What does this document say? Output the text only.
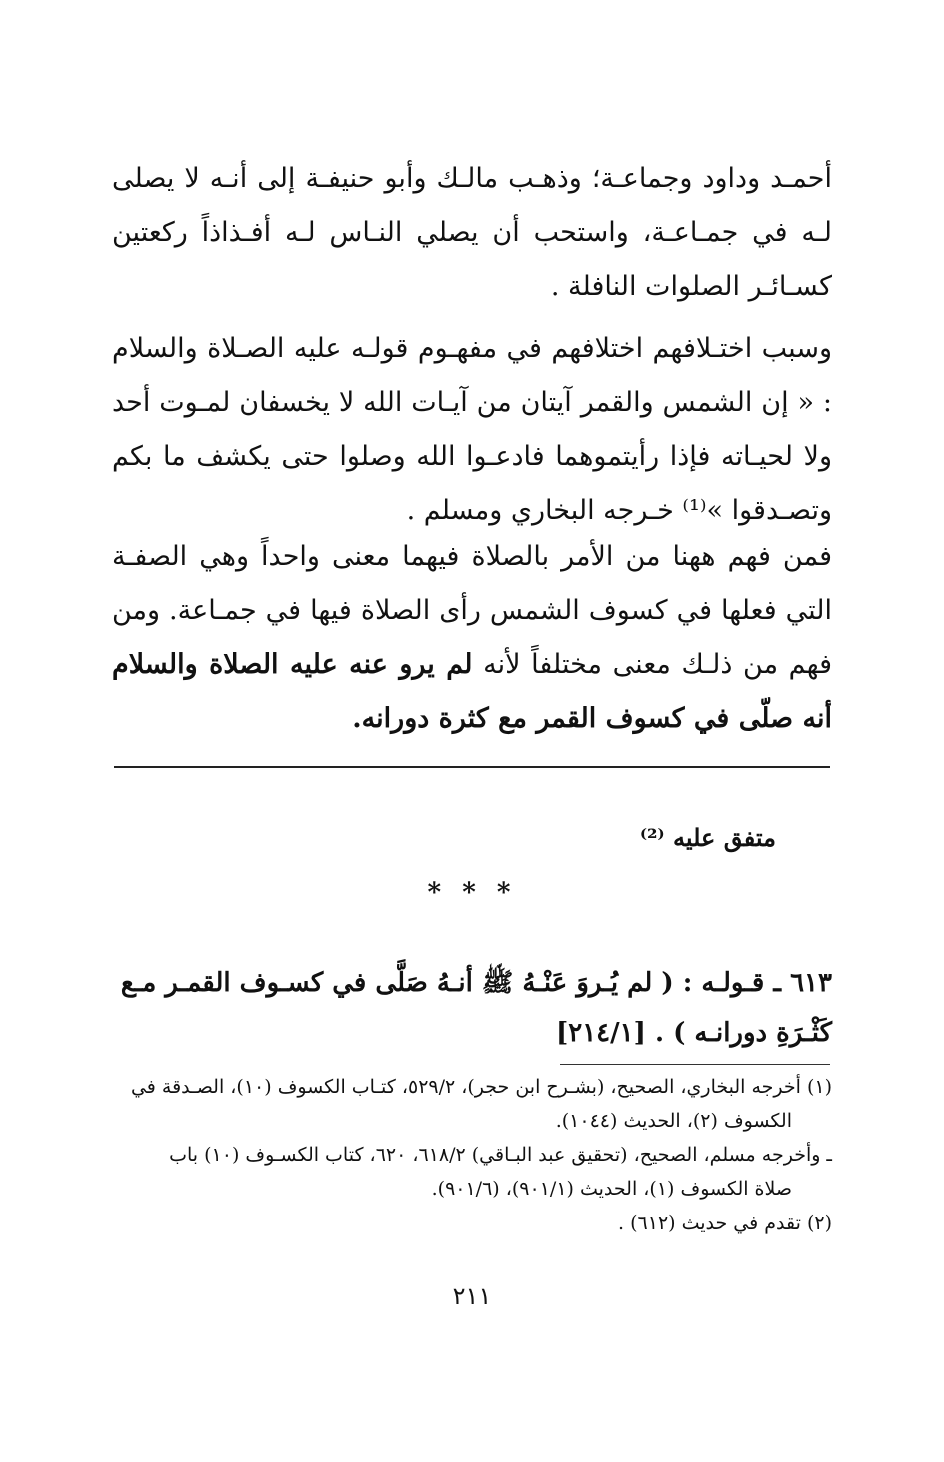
أحمـد وداود وجماعـة؛ وذهـب مالـك وأبو حنيفـة إلى أنـه لا يصلى لـه في جمـاعـة، واستحب أن يصلي النـاس لـه أفـذاذاً ركعتين كسـائـر الصلوات النافلة .

وسبب اختـلافهم اختلافهم في مفهـوم قولـه عليه الصـلاة والسلام : « إن الشمس والقمر آيتان من آيـات الله لا يخسفان لمـوت أحد ولا لحيـاته فإذا رأيتموهما فادعـوا الله وصلوا حتى يكشف ما بكم وتصـدقوا »⁽¹⁾ خـرجه البخاري ومسلم .

فمن فهم ههنا من الأمر بالصلاة فيهما معنى واحداً وهي الصفـة التي فعلها في كسوف الشمس رأى الصلاة فيها في جمـاعة. ومن فهم من ذلـك معنى مختلفاً لأنه لم يرو عنه عليه الصلاة والسلام أنه صلّى في كسوف القمر مع كثرة دورانه.

متفق عليه ⁽²⁾
* * *

٦١٣ ـ قـولـه : ( لم يُـروَ عَنْـهُ ﷺ أنـهُ صَلَّى في كسـوف القمـر مـع كَثْـرَةِ دورانـه ) . [٢١٤/١]

(١) أخرجه البخاري، الصحيح، (بشـرح ابن حجر)، ٥٢٩/٢، كتـاب الكسوف (١٠)، الصـدقة في

الكسوف (٢)، الحديث (١٠٤٤).

ـ وأخرجه مسلم، الصحيح، (تحقيق عبد البـاقي) ٦١٨/٢، ٦٢٠، كتاب الكسـوف (١٠) باب

صلاة الكسوف (١)، الحديث (٩٠١/١)، (٩٠١/٦).

(٢) تقدم في حديث (٦١٢) .

٢١١
